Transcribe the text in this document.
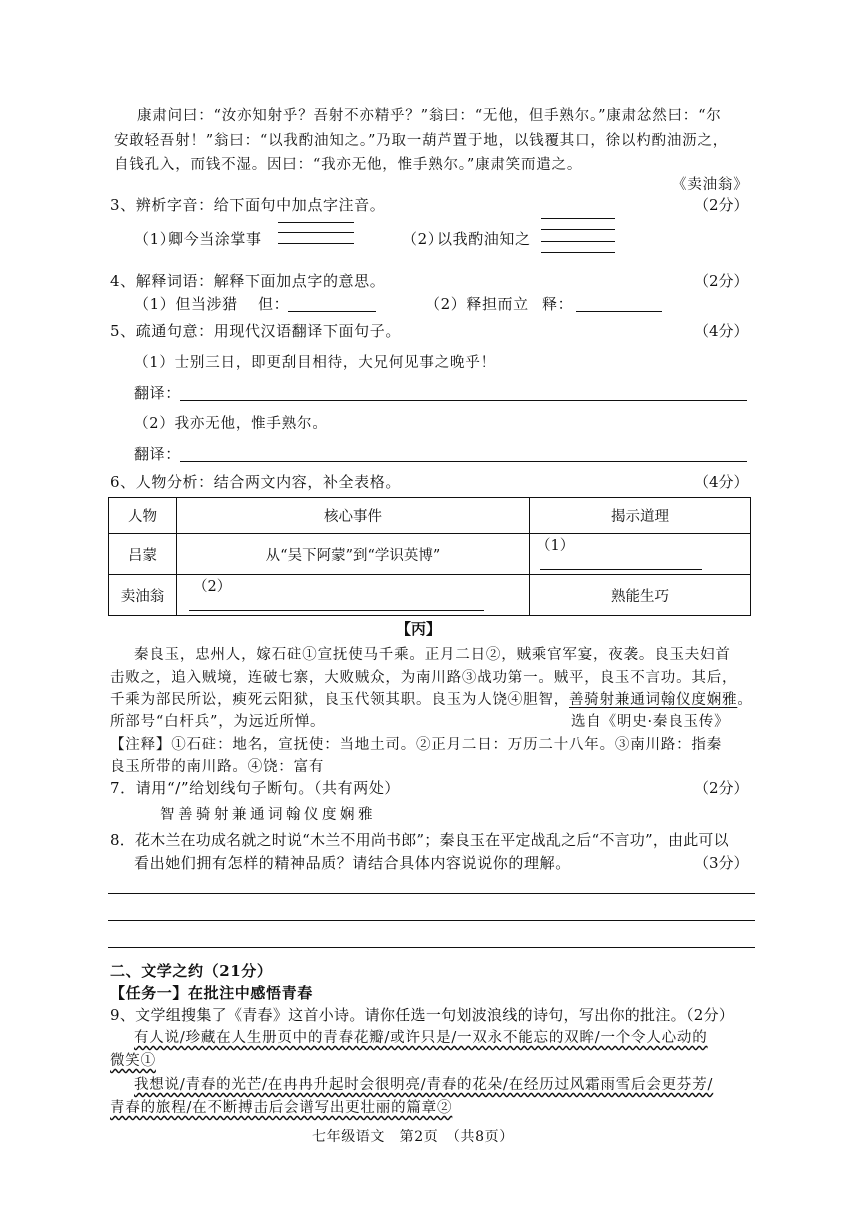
康肃问曰：“汝亦知射乎？吾射不亦精乎？”翁曰：“无他，但手熟尔。”康肃忿然曰：“尔
安敢轻吾射！”翁曰：“以我酌油知之。”乃取一葫芦置于地，以钱覆其口，徐以杓酌油沥之，
自钱孔入，而钱不湿。因曰：“我亦无他，惟手熟尔。”康肃笑而遣之。
《卖油翁》
3、辨析字音：给下面句中加点字注音。	（2分）
（1）
卿今当涂掌事	（2）
以我酌油知之
4、解释词语：解释下面加点字的意思。	（2分）
（1）但当涉猎 但：	（2）释担而立 释：
5、疏通句意：用现代汉语翻译下面句子。	（4分）
（1）士别三日，即更刮目相待，大兄何见事之晚乎！
翻译：
（2）我亦无他，惟手熟尔。
翻译：
6、人物分析：结合两文内容，补全表格。	（4分）
人物	核心事件	揭示道理
吕蒙	从“吴下阿蒙”到“学识英博”	（1）
卖油翁	（2）	熟能生巧
【丙】
秦良玉，忠州人，嫁石砫①宣抚使马千乘。正月二日②，贼乘官军宴，夜袭。良玉夫妇首
击败之，追入贼境，连破七寨，大败贼众，为南川路③战功第一。贼平，良玉不言功。其后，
千乘为部民所讼，瘐死云阳狱，良玉代领其职。良玉为人饶④胆智，善骑射兼通词翰仪度娴雅。
所部号“白杆兵”，为远近所惮。	选自《明史·秦良玉传》
【注释】①石砫：地名，宣抚使：当地土司。②正月二日：万历二十八年。③南川路：指秦
良玉所带的南川路。④饶：富有
7．请用“/”给划线句子断句。（共有两处）	（2分）
智善骑射兼通词翰仪度娴雅
8．花木兰在功成名就之时说“木兰不用尚书郎”；秦良玉在平定战乱之后“不言功”，由此可以
看出她们拥有怎样的精神品质？请结合具体内容说说你的理解。	（3分）
二、文学之约（21分）
【任务一】在批注中感悟青春
9、文学组搜集了《青春》这首小诗。请你任选一句划波浪线的诗句，写出你的批注。（2分）
有人说/珍藏在人生册页中的青春花瓣/或许只是/一双永不能忘的双眸/一个令人心动的
微笑①
我想说/青春的光芒/在冉冉升起时会很明亮/青春的花朵/在经历过风霜雨雪后会更芬芳/
青春的旅程/在不断搏击后会谱写出更壮丽的篇章②
七年级语文　第2页　（共8页）
